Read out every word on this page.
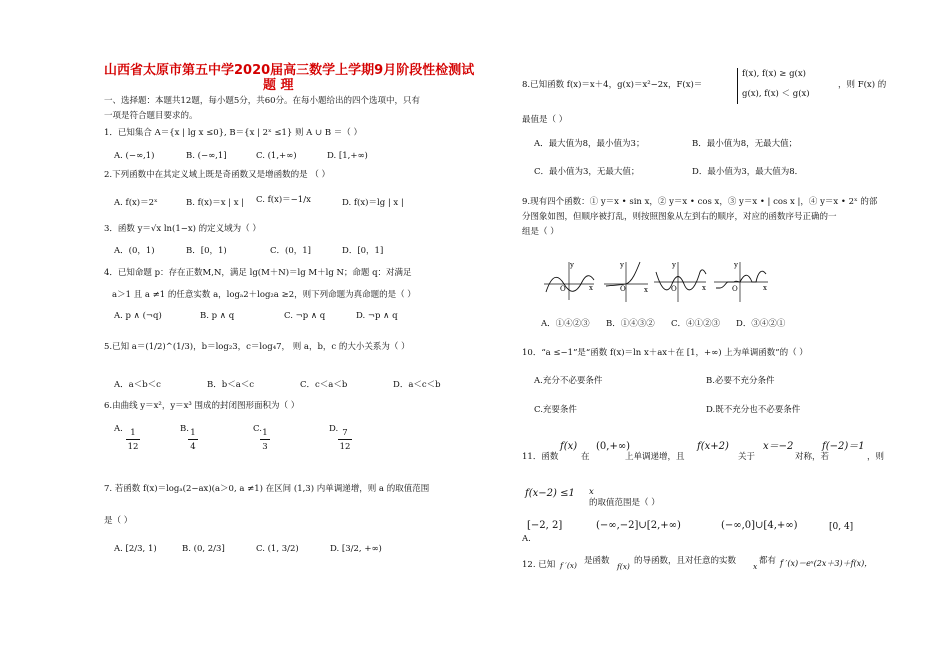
山西省太原市第五中学2020届高三数学上学期9月阶段性检测试
题 理
一、选择题：本题共12题，每小题5分，共60分。在每小题给出的四个选项中，只有
一项是符合题目要求的。
1．已知集合 A＝{x | lg x ≤0}, B＝{x | 2ˣ ≤1} 则 A ∪ B ＝（ ）
A. (−∞,1)	B. (−∞,1]	C. (1,+∞)	D. [1,+∞)
2.下列函数中在其定义域上既是奇函数又是增函数的是 （ ）
A. f(x)＝2ˣ	B. f(x)＝x | x | C. f(x)＝−1/x	D. f(x)＝lg | x |
3．函数 y＝√x ln(1−x) 的定义域为（ ）
A．(0，1)	B．[0，1)	C．(0，1]	D．[0，1]
4．已知命题 p：存在正数M,N，满足 lg(M＋N)＝lg M＋lg N；命题 q：对满足
a＞1 且 a ≠1 的任意实数 a，logₐ2＋log₂a ≥2，则下列命题为真命题的是（ ）
A. p ∧ (¬q)	B. p ∧ q	C. ¬p ∧ q	D. ¬p ∧ q
5.已知 a＝(1/2)^(1/3)，b＝log₂3，c＝log₄7， 则 a，b，c 的大小关系为（ ）
A．a＜b＜c	B．b＜a＜c	C．c＜a＜b	D．a＜c＜b
6.由曲线 y＝x²，y＝x³ 围成的封闭图形面积为（ ）
A. 1
12
B. 1
4
C. 1
3
D. 7
12
7. 若函数 f(x)＝logₐ(2−ax)(a＞0, a ≠1) 在区间 (1,3) 内单调递增，则 a 的取值范围
是（ ）
A. [2/3, 1)	B. (0, 2/3]	C. (1, 3/2)	D. [3/2, +∞)
8.已知函数 f(x)＝x＋4，g(x)＝x²−2x，F(x)＝
f(x), f(x) ≥ g(x)
g(x), f(x) ＜ g(x)
，则 F(x) 的
最值是（ ）
A．最大值为8，最小值为3；	B．最小值为8，无最大值；
C．最小值为3，无最大值；	D．最小值为3，最大值为8．
9.现有四个函数：① y＝x • sin x，② y＝x • cos x，③ y＝x • | cos x |，④ y＝x • 2ˣ 的部
分图象如图，但顺序被打乱，则按照图象从左到右的顺序，对应的函数序号正确的一
组是（ ）
y
x
O
y
x
O
y
x
O
y
x
O
A．①④②③ B．①④③② C．④①②③ D．③④②①
10．“a ≤−1”是“函数 f(x)＝ln x＋ax＋在 [1，+∞) 上为单调函数”的（ ）
A.充分不必要条件	B.必要不充分条件
C.充要条件	D.既不充分也不必要条件
11．函数
f(x)
在
(0,+∞)
上单调递增，且
f(x+2)
关于
x＝−2
对称，若
f(−2)＝1
，则
f(x−2) ≤1 x
的取值范围是（ ）
[−2, 2]
A.
(−∞,−2]∪[2,+∞)	(−∞,0]∪[4,+∞)	[0, 4]
12. 已知 f ′(x) 是函数
f(x)
的导函数，且对任意的实数
x
都有 f ′(x)＝eˣ(2x＋3)＋f(x)，
